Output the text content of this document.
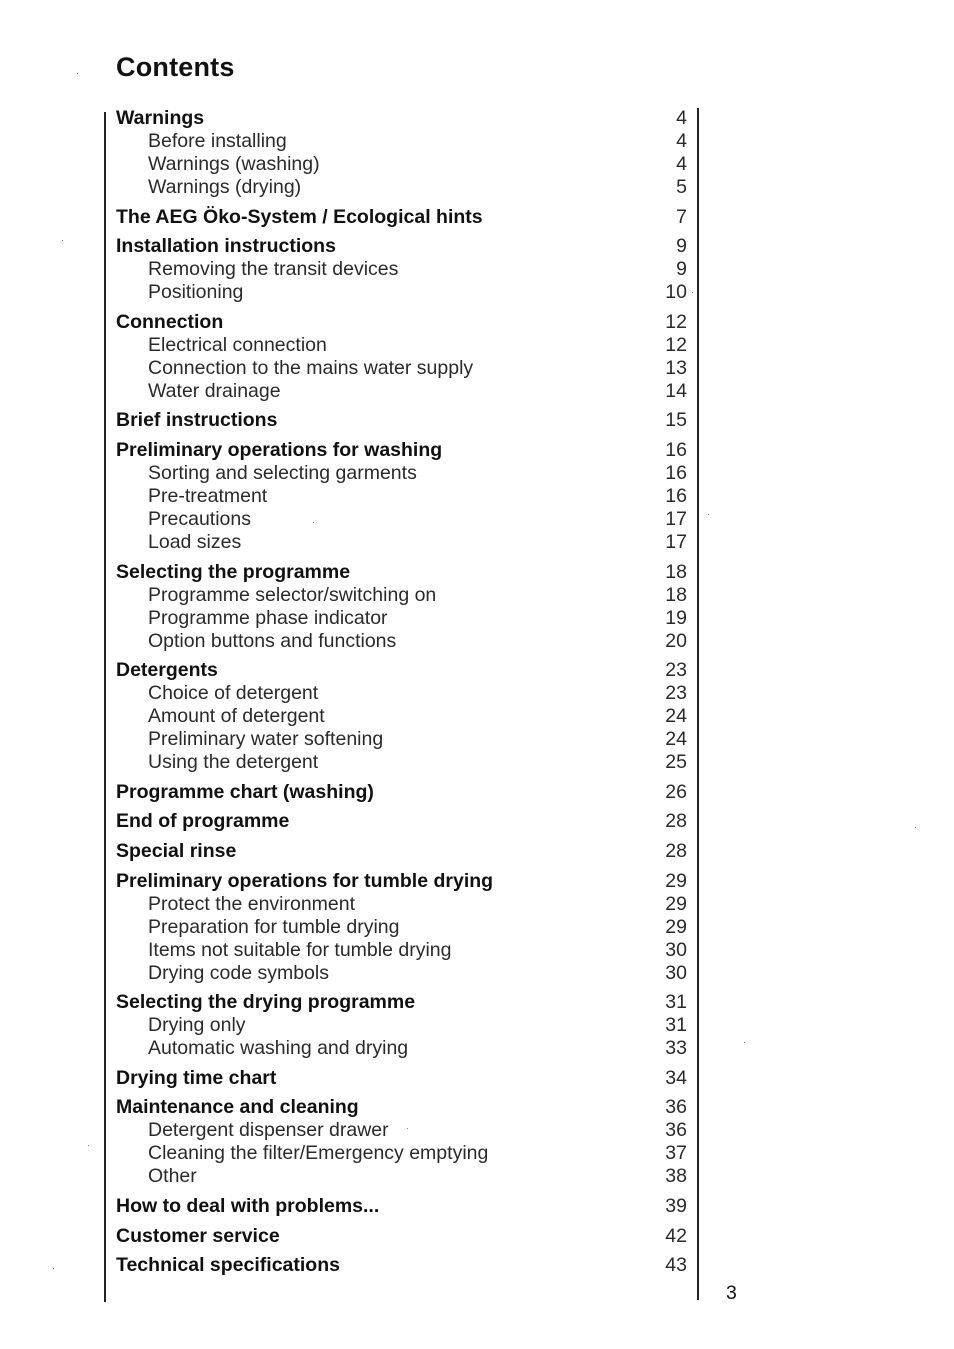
Contents
Warnings	4
Before installing	4
Warnings (washing)	4
Warnings (drying)	5
The AEG Öko-System / Ecological hints	7
Installation instructions	9
Removing the transit devices	9
Positioning	10
Connection	12
Electrical connection	12
Connection to the mains water supply	13
Water drainage	14
Brief instructions	15
Preliminary operations for washing	16
Sorting and selecting garments	16
Pre-treatment	16
Precautions	17
Load sizes	17
Selecting the programme	18
Programme selector/switching on	18
Programme phase indicator	19
Option buttons and functions	20
Detergents	23
Choice of detergent	23
Amount of detergent	24
Preliminary water softening	24
Using the detergent	25
Programme chart (washing)	26
End of programme	28
Special rinse	28
Preliminary operations for tumble drying	29
Protect the environment	29
Preparation for tumble drying	29
Items not suitable for tumble drying	30
Drying code symbols	30
Selecting the drying programme	31
Drying only	31
Automatic washing and drying	33
Drying time chart	34
Maintenance and cleaning	36
Detergent dispenser drawer	36
Cleaning the filter/Emergency emptying	37
Other	38
How to deal with problems...	39
Customer service	42
Technical specifications	43
3
